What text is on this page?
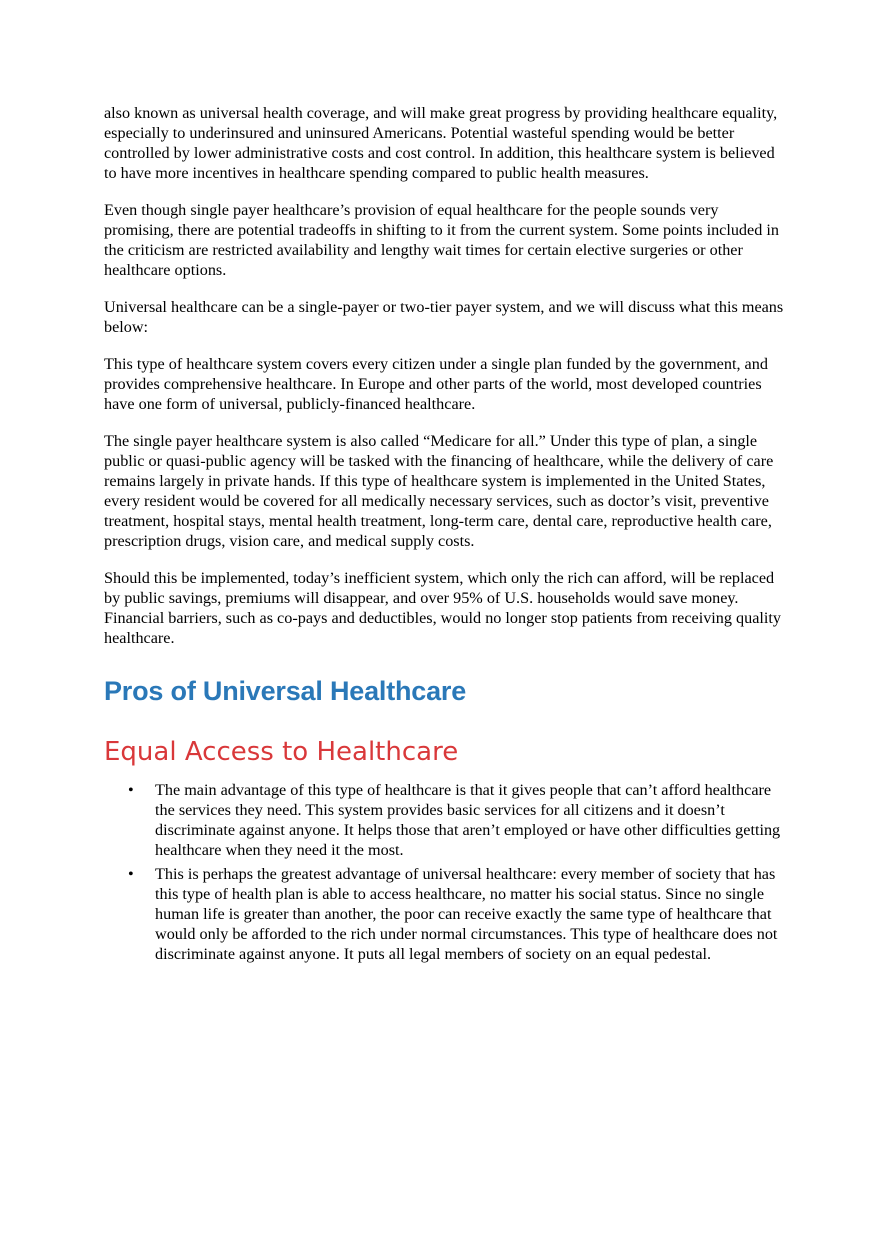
also known as universal health coverage, and will make great progress by providing healthcare equality, especially to underinsured and uninsured Americans. Potential wasteful spending would be better controlled by lower administrative costs and cost control. In addition, this healthcare system is believed to have more incentives in healthcare spending compared to public health measures.

Even though single payer healthcare’s provision of equal healthcare for the people sounds very promising, there are potential tradeoffs in shifting to it from the current system. Some points included in the criticism are restricted availability and lengthy wait times for certain elective surgeries or other healthcare options.

Universal healthcare can be a single-payer or two-tier payer system, and we will discuss what this means below:

This type of healthcare system covers every citizen under a single plan funded by the government, and provides comprehensive healthcare. In Europe and other parts of the world, most developed countries have one form of universal, publicly-financed healthcare.

The single payer healthcare system is also called “Medicare for all.” Under this type of plan, a single public or quasi-public agency will be tasked with the financing of healthcare, while the delivery of care remains largely in private hands. If this type of healthcare system is implemented in the United States, every resident would be covered for all medically necessary services, such as doctor’s visit, preventive treatment, hospital stays, mental health treatment, long-term care, dental care, reproductive health care, prescription drugs, vision care, and medical supply costs.

Should this be implemented, today’s inefficient system, which only the rich can afford, will be replaced by public savings, premiums will disappear, and over 95% of U.S. households would save money. Financial barriers, such as co-pays and deductibles, would no longer stop patients from receiving quality healthcare.

Pros of Universal Healthcare
Equal Access to Healthcare
• The main advantage of this type of healthcare is that it gives people that can’t afford healthcare the services they need. This system provides basic services for all citizens and it doesn’t discriminate against anyone. It helps those that aren’t employed or have other difficulties getting healthcare when they need it the most.
• This is perhaps the greatest advantage of universal healthcare: every member of society that has this type of health plan is able to access healthcare, no matter his social status. Since no single human life is greater than another, the poor can receive exactly the same type of healthcare that would only be afforded to the rich under normal circumstances. This type of healthcare does not discriminate against anyone. It puts all legal members of society on an equal pedestal.
